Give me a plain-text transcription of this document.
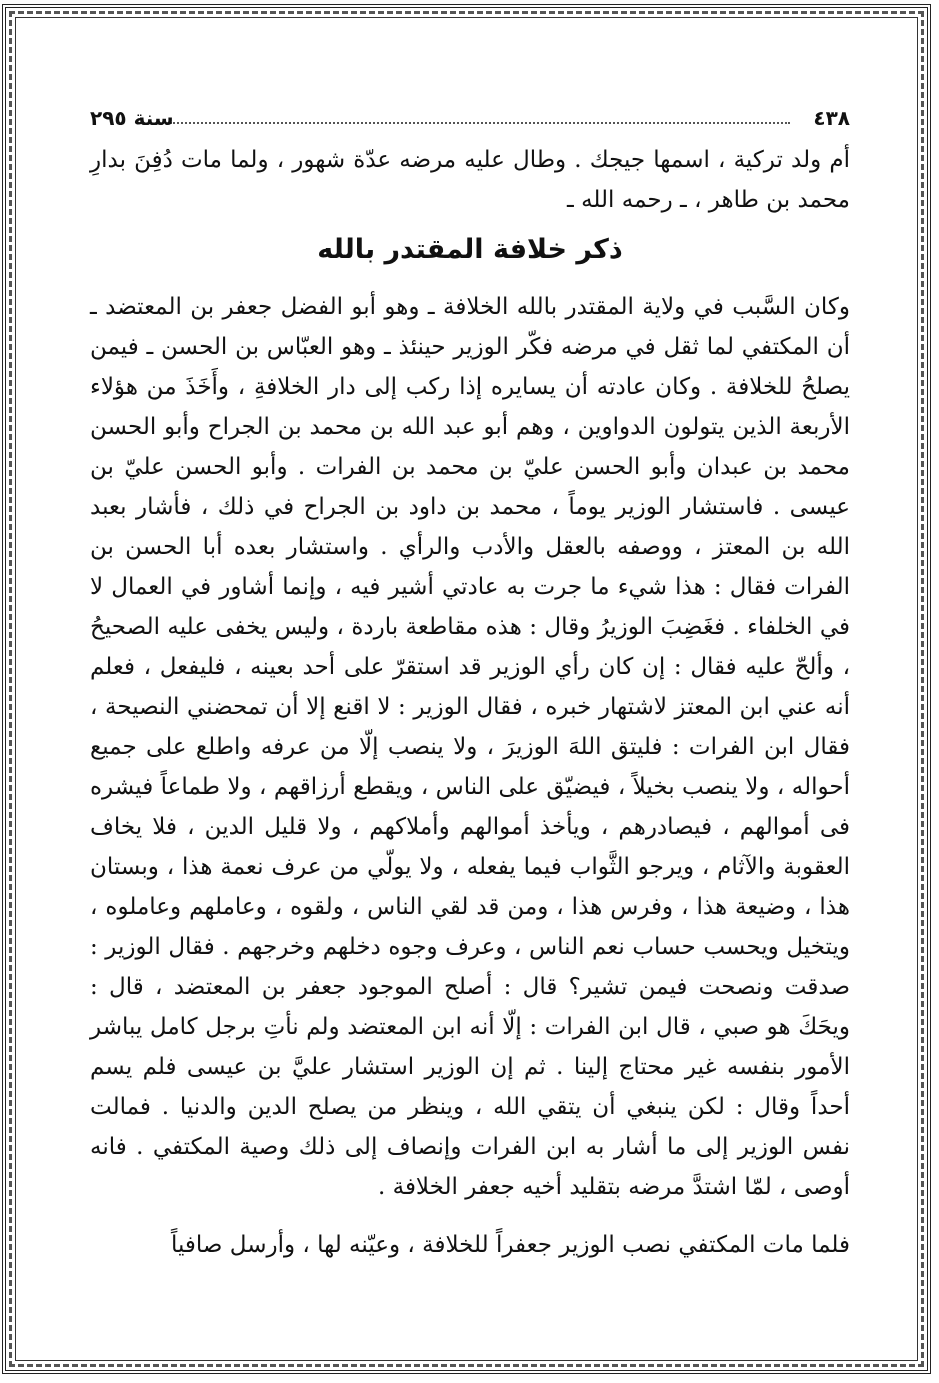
٤٣٨
سنة ٢٩٥

أم ولد تركية ، اسمها جيجك . وطال عليه مرضه عدّة شهور ، ولما مات دُفِنَ بدارِ محمد بن طاهر ، ـ رحمه الله ـ

ذكر خلافة المقتدر بالله

وكان السَّبب في ولاية المقتدر بالله الخلافة ـ وهو أبو الفضل جعفر بن المعتضد ـ أن المكتفي لما ثقل في مرضه فكّر الوزير حينئذ ـ وهو العبّاس بن الحسن ـ فيمن يصلحُ للخلافة . وكان عادته أن يسايره إذا ركب إلى دار الخلافةِ ، وأَخَذَ من هؤلاء الأربعة الذين يتولون الدواوين ، وهم أبو عبد الله بن محمد بن الجراح وأبو الحسن محمد بن عبدان وأبو الحسن عليّ بن محمد بن الفرات . وأبو الحسن عليّ بن عيسى . فاستشار الوزير يوماً ، محمد بن داود بن الجراح في ذلك ، فأشار بعبد الله بن المعتز ، ووصفه بالعقل والأدب والرأي . واستشار بعده أبا الحسن بن الفرات فقال : هذا شيء ما جرت به عادتي أشير فيه ، وإنما أشاور في العمال لا في الخلفاء . فغَضِبَ الوزيرُ وقال : هذه مقاطعة باردة ، وليس يخفى عليه الصحيحُ ، وألحّ عليه فقال : إن كان رأي الوزير قد استقرّ على أحد بعينه ، فليفعل ، فعلم أنه عني ابن المعتز لاشتهار خبره ، فقال الوزير : لا اقنع إلا أن تمحضني النصيحة ، فقال ابن الفرات : فليتق اللهَ الوزيرَ ، ولا ينصب إلّا من عرفه واطلع على جميع أحواله ، ولا ينصب بخيلاً ، فيضيّق على الناس ، ويقطع أرزاقهم ، ولا طماعاً فيشره فى أموالهم ، فيصادرهم ، ويأخذ أموالهم وأملاكهم ، ولا قليل الدين ، فلا يخاف العقوبة والآثام ، ويرجو الثَّواب فيما يفعله ، ولا يولّي من عرف نعمة هذا ، وبستان هذا ، وضيعة هذا ، وفرس هذا ، ومن قد لقي الناس ، ولقوه ، وعاملهم وعاملوه ، ويتخيل ويحسب حساب نعم الناس ، وعرف وجوه دخلهم وخرجهم . فقال الوزير : صدقت ونصحت فيمن تشير؟ قال : أصلح الموجود جعفر بن المعتضد ، قال : ويحَكَ هو صبي ، قال ابن الفرات : إلّا أنه ابن المعتضد ولم نأتِ برجل كامل يباشر الأمور بنفسه غير محتاج إلينا . ثم إن الوزير استشار عليَّ بن عيسى فلم يسم أحداً وقال : لكن ينبغي أن يتقي الله ، وينظر من يصلح الدين والدنيا . فمالت نفس الوزير إلى ما أشار به ابن الفرات وإنصاف إلى ذلك وصية المكتفي . فانه أوصى ، لمّا اشتدَّ مرضه بتقليد أخيه جعفر الخلافة .

فلما مات المكتفي نصب الوزير جعفراً للخلافة ، وعيّنه لها ، وأرسل صافياً
